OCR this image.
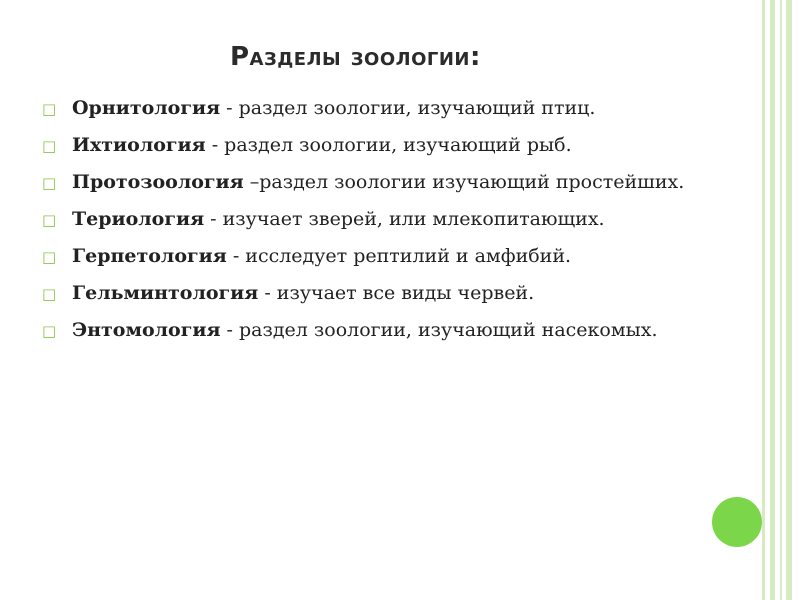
Разделы зоологии:
□ Орнитология - раздел зоологии, изучающий птиц.
□ Ихтиология - раздел зоологии, изучающий рыб.
□ Протозоология –раздел зоологии изучающий простейших.
□ Териология - изучает зверей, или млекопитающих.
□ Герпетология - исследует рептилий и амфибий.
□ Гельминтология - изучает все виды червей.
□ Энтомология - раздел зоологии, изучающий насекомых.
